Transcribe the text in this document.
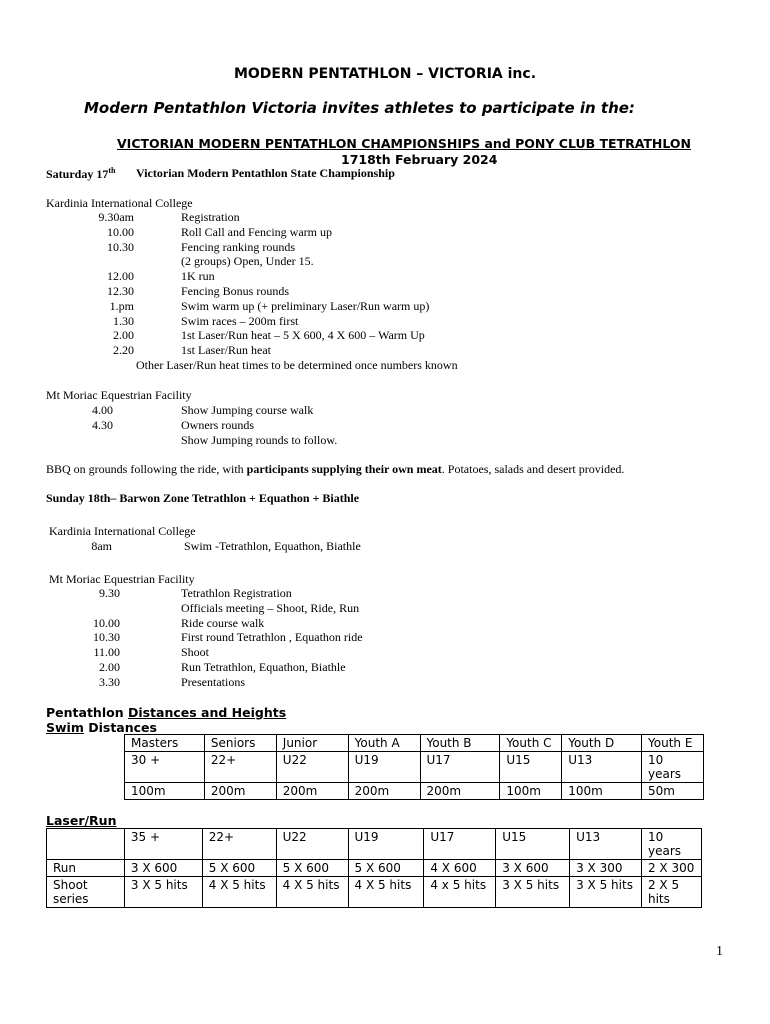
MODERN PENTATHLON – VICTORIA inc.
Modern Pentathlon Victoria invites athletes to participate in the:
VICTORIAN MODERN PENTATHLON CHAMPIONSHIPS and PONY CLUB TETRATHLON
1718th February 2024
Saturday 17th Victorian Modern Pentathlon State Championship
Kardinia International College
9.30am	Registration
10.00	Roll Call and Fencing warm up
10.30	Fencing ranking rounds
(2 groups) Open, Under 15.
12.00	1K run
12.30	Fencing Bonus rounds
1.pm	Swim warm up (+ preliminary Laser/Run warm up)
1.30	Swim races – 200m first
2.00	1st Laser/Run heat – 5 X 600, 4 X 600 – Warm Up
2.20	1st Laser/Run heat
Other Laser/Run heat times to be determined once numbers known
Mt Moriac Equestrian Facility
4.00	Show Jumping course walk
4.30	Owners rounds
Show Jumping rounds to follow.
BBQ on grounds following the ride, with participants supplying their own meat. Potatoes, salads and desert provided.
Sunday 18th– Barwon Zone Tetrathlon + Equathon + Biathle
Kardinia International College
8am	Swim -Tetrathlon, Equathon, Biathle
Mt Moriac Equestrian Facility
9.30	Tetrathlon Registration
Officials meeting – Shoot, Ride, Run
10.00	Ride course walk
10.30	First round Tetrathlon , Equathon ride
11.00	Shoot
2.00	Run Tetrathlon, Equathon, Biathle
3.30	Presentations
Pentathlon Distances and Heights
Swim Distances
Masters	Seniors	Junior	Youth A	Youth B	Youth C	Youth D	Youth E
30 +	22+	U22	U19	U17	U15	U13	10 years
100m	200m	200m	200m	200m	100m	100m	50m
Laser/Run
	35 +	22+	U22	U19	U17	U15	U13	10 years
Run	3 X 600	5 X 600	5 X 600	5 X 600	4 X 600	3 X 600	3 X 300	2 X 300
Shoot series	3 X 5 hits	4 X 5 hits	4 X 5 hits	4 X 5 hits	4 x 5 hits	3 X 5 hits	3 X 5 hits	2 X 5 hits
1
